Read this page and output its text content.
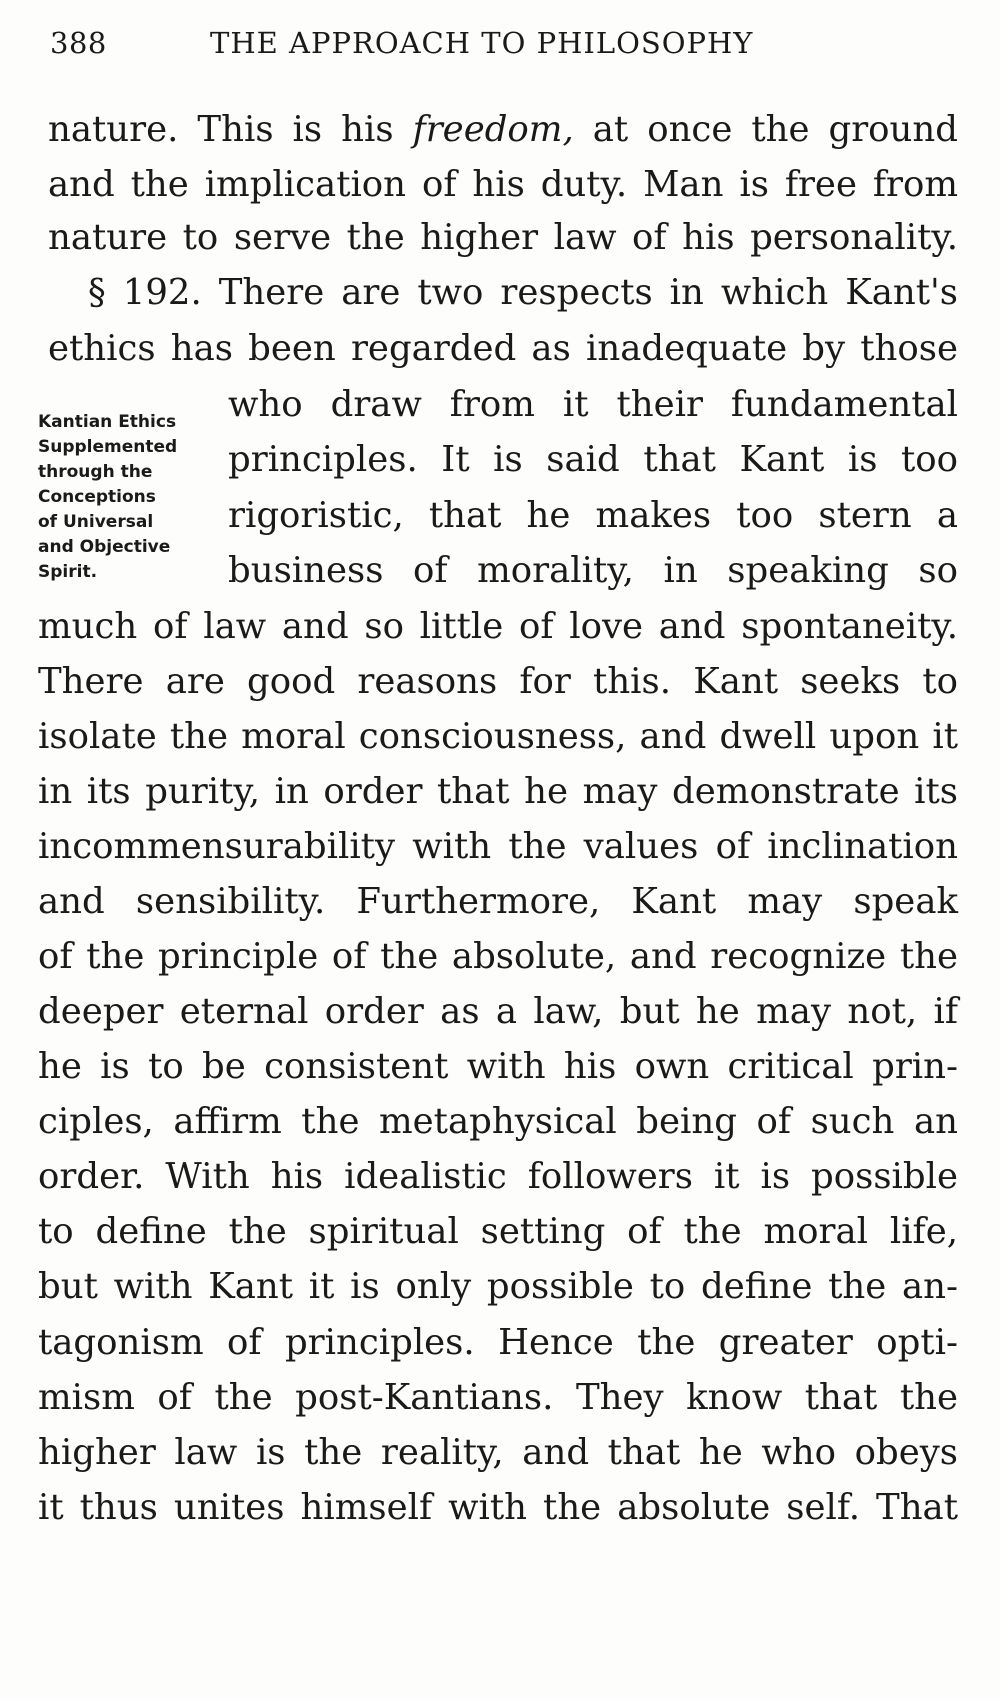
388	THE APPROACH TO PHILOSOPHY
Kantian Ethics
Supplemented
through the
Conceptions
of Universal
and Objective
Spirit.
nature. This is his freedom, at once the ground
and the implication of his duty. Man is free from
nature to serve the higher law of his personality.
§ 192. There are two respects in which Kant's
ethics has been regarded as inadequate by those
who draw from it their fundamental
principles. It is said that Kant is too
rigoristic, that he makes too stern a
business of morality, in speaking so
much of law and so little of love and spontaneity.
There are good reasons for this. Kant seeks to
isolate the moral consciousness, and dwell upon it
in its purity, in order that he may demonstrate its
incommensurability with the values of inclination
and sensibility. Furthermore, Kant may speak
of the principle of the absolute, and recognize the
deeper eternal order as a law, but he may not, if
he is to be consistent with his own critical prin-
ciples, affirm the metaphysical being of such an
order. With his idealistic followers it is possible
to define the spiritual setting of the moral life,
but with Kant it is only possible to define the an-
tagonism of principles. Hence the greater opti-
mism of the post-Kantians. They know that the
higher law is the reality, and that he who obeys
it thus unites himself with the absolute self. That
